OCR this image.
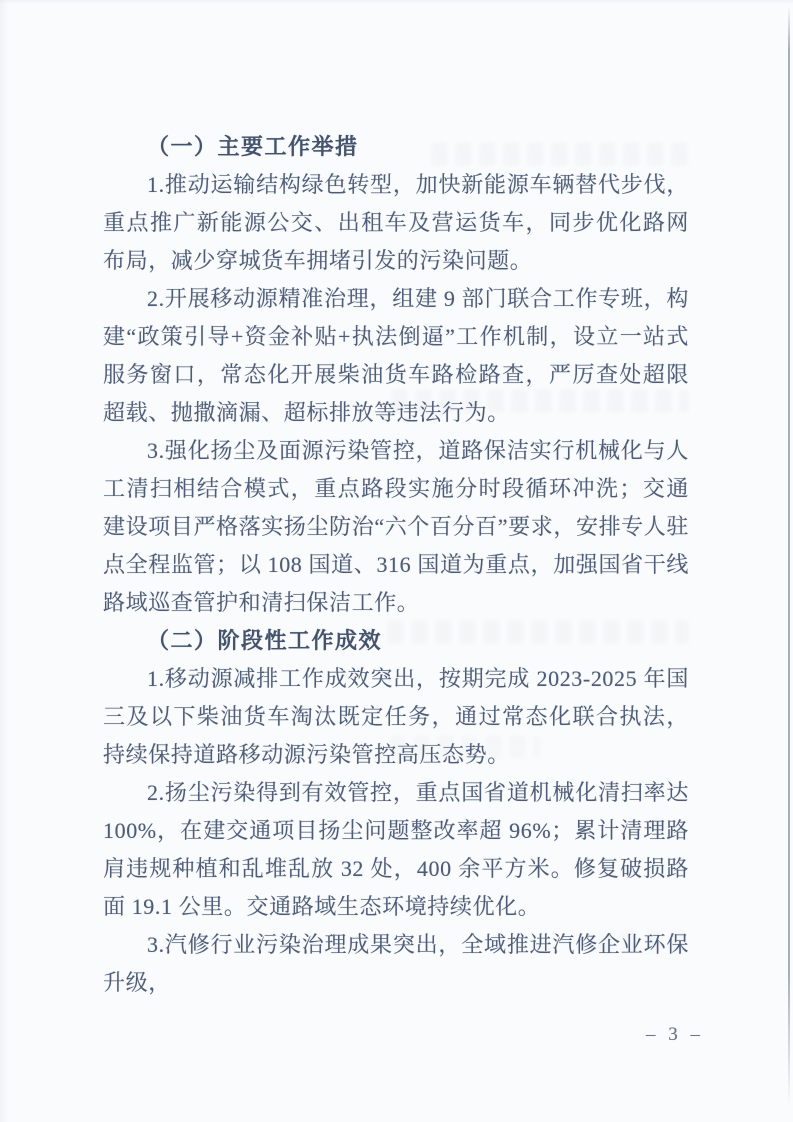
（一）主要工作举措

1.推动运输结构绿色转型，加快新能源车辆替代步伐，重点推广新能源公交、出租车及营运货车，同步优化路网布局，减少穿城货车拥堵引发的污染问题。

2.开展移动源精准治理，组建 9 部门联合工作专班，构建“政策引导+资金补贴+执法倒逼”工作机制，设立一站式服务窗口，常态化开展柴油货车路检路查，严厉查处超限超载、抛撒滴漏、超标排放等违法行为。

3.强化扬尘及面源污染管控，道路保洁实行机械化与人工清扫相结合模式，重点路段实施分时段循环冲洗；交通建设项目严格落实扬尘防治“六个百分百”要求，安排专人驻点全程监管；以 108 国道、316 国道为重点，加强国省干线路域巡查管护和清扫保洁工作。

（二）阶段性工作成效

1.移动源减排工作成效突出，按期完成 2023-2025 年国三及以下柴油货车淘汰既定任务，通过常态化联合执法，持续保持道路移动源污染管控高压态势。

2.扬尘污染得到有效管控，重点国省道机械化清扫率达 100%，在建交通项目扬尘问题整改率超 96%；累计清理路肩违规种植和乱堆乱放 32 处，400 余平方米。修复破损路面 19.1 公里。交通路域生态环境持续优化。

3.汽修行业污染治理成果突出，全域推进汽修企业环保升级，

– 3 –
